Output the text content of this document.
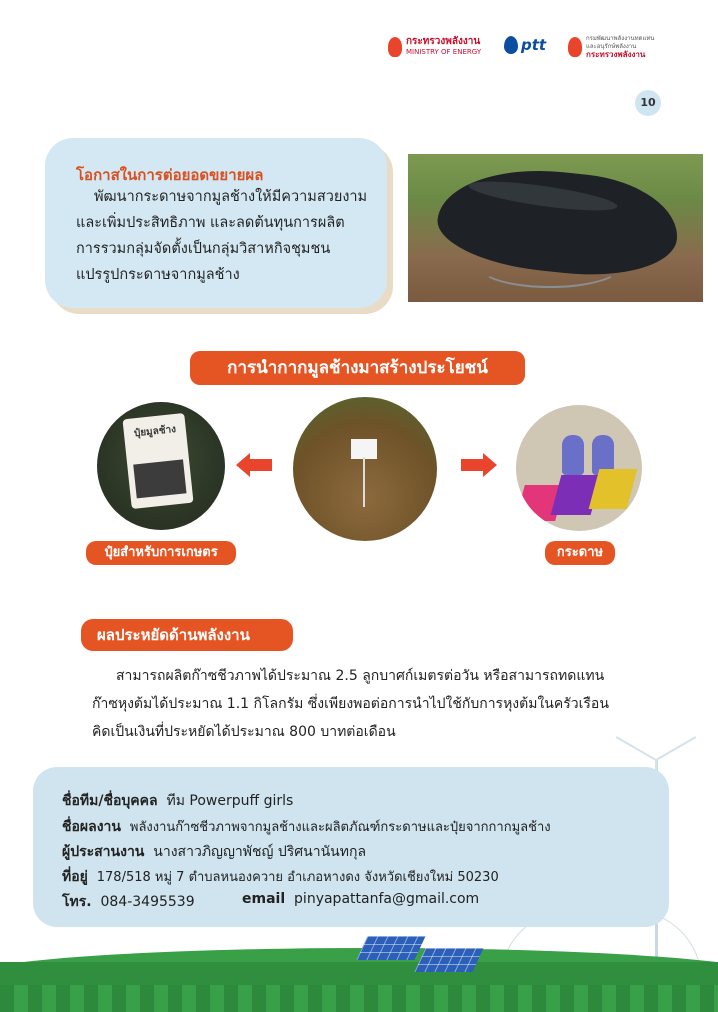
กระทรวงพลังงาน
MINISTRY OF ENERGY	ptt	กรมพัฒนาพลังงานทดแทน
และอนุรักษ์พลังงาน
กระทรวงพลังงาน
10
โอกาสในการต่อยอดขยายผล
พัฒนากระดาษจากมูลช้างให้มีความสวยงาม
และเพิ่มประสิทธิภาพ และลดต้นทุนการผลิต
การรวมกลุ่มจัดตั้งเป็นกลุ่มวิสาหกิจชุมชน
แปรรูปกระดาษจากมูลช้าง
การนำกากมูลช้างมาสร้างประโยชน์
ปุ๋ยมูลช้าง
ปุ๋ยสำหรับการเกษตร	กระดาษ
ผลประหยัดด้านพลังงาน
สามารถผลิตก๊าซชีวภาพได้ประมาณ 2.5 ลูกบาศก์เมตรต่อวัน หรือสามารถทดแทน
ก๊าซหุงต้มได้ประมาณ 1.1 กิโลกรัม ซึ่งเพียงพอต่อการนำไปใช้กับการหุงต้มในครัวเรือน
คิดเป็นเงินที่ประหยัดได้ประมาณ 800 บาทต่อเดือน
ชื่อทีม/ชื่อบุคคล ทีม Powerpuff girls
ชื่อผลงาน พลังงานก๊าซชีวภาพจากมูลช้างและผลิตภัณฑ์กระดาษและปุ๋ยจากกากมูลช้าง
ผู้ประสานงาน นางสาวภิญญาพัชญ์ ปริศนานันทกุล
ที่อยู่ 178/518 หมู่ 7 ตำบลหนองควาย อำเภอหางดง จังหวัดเชียงใหม่ 50230
โทร. 084-3495539	email pinyapattanfa@gmail.com
